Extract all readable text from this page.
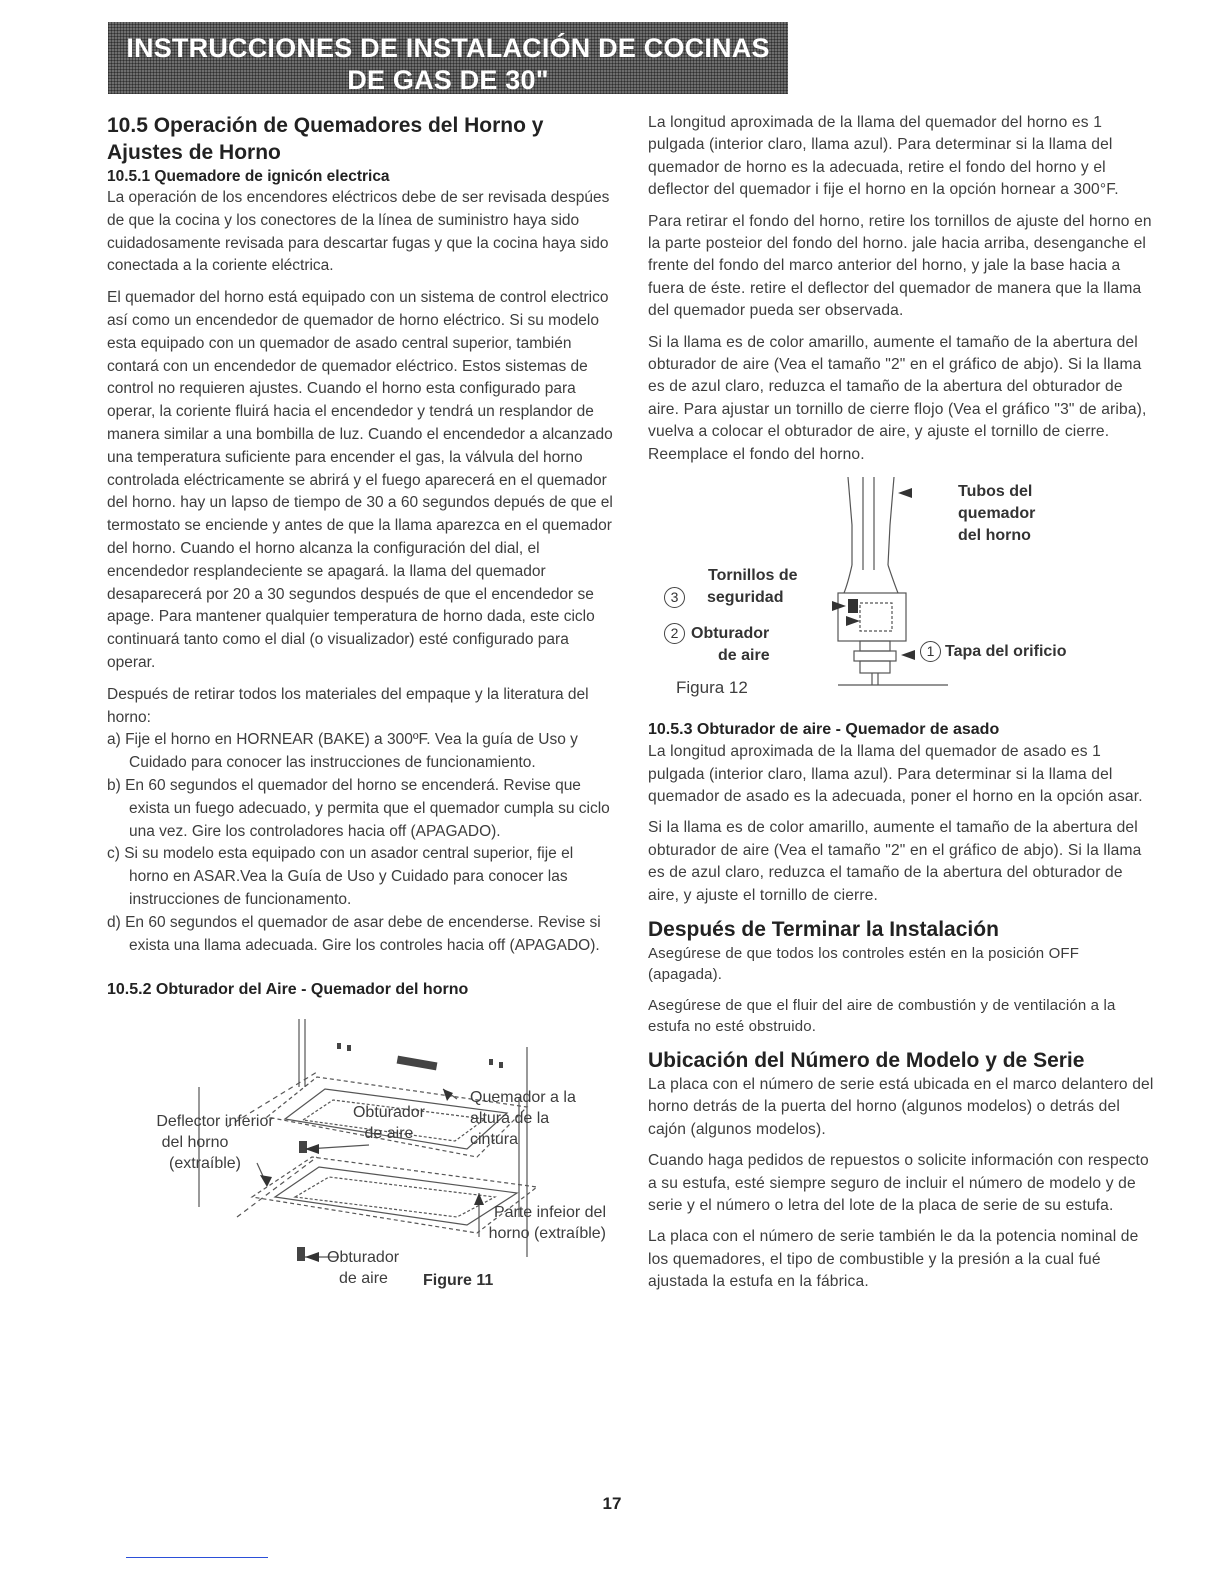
INSTRUCCIONES DE INSTALACIÓN DE COCINAS DE GAS DE 30"
(Modelos con quemadores sellados)
10.5 Operación de Quemadores del Horno y Ajustes de Horno
10.5.1 Quemadore de ignicón electrica

La operación de los encendores eléctricos debe de ser revisada despúes de que la cocina y los conectores de la línea de suministro haya sido cuidadosamente revisada para descartar fugas y que la cocina haya sido conectada a la coriente eléctrica.

El quemador del horno está equipado con un sistema de control electrico así como un encendedor de quemador de horno eléctrico. Si su modelo esta equipado con un quemador de asado central superior, también contará con un encendedor de quemador eléctrico. Estos sistemas de control no requieren ajustes. Cuando el horno esta configurado para operar, la coriente fluirá hacia el encendedor y tendrá un resplandor de manera similar a una bombilla de luz. Cuando el encendedor a alcanzado una temperatura suficiente para encender el gas, la válvula del horno controlada eléctricamente se abrirá y el fuego aparecerá en el quemador del horno. hay un lapso de tiempo de 30 a 60 segundos depués de que el termostato se enciende y antes de que la llama aparezca en el quemador del horno. Cuando el horno alcanza la configuración del dial, el encendedor resplandeciente se apagará. la llama del quemador desaparecerá por 20 a 30 segundos después de que el encendedor se apage. Para mantener qualquier temperatura de horno dada, este ciclo continuará tanto como el dial (o visualizador) esté configurado para operar.

Después de retirar todos los materiales del empaque y la literatura del horno:

a) Fije el horno en HORNEAR (BAKE) a 300ºF. Vea la guía de Uso y Cuidado para conocer las instrucciones de funcionamiento.
b) En 60 segundos el quemador del horno se encenderá. Revise que exista un fuego adecuado, y permita que el quemador cumpla su ciclo una vez. Gire los controladores hacia off (APAGADO).
c) Si su modelo esta equipado con un asador central superior, fije el horno en ASAR.Vea la Guía de Uso y Cuidado para conocer las instrucciones de funcionamento.
d) En 60 segundos el quemador de asar debe de encenderse. Revise si exista una llama adecuada. Gire los controles hacia off (APAGADO).
10.5.2 Obturador del Aire - Quemador del horno
Deflector inferior
del horno
(extraíble)
Obturador
de aire
Quemador a la
altura de la
cintura
Parte infeior del
horno (extraíble)
Obturador
de aire	Figure 11

La longitud aproximada de la llama del quemador del horno es 1 pulgada (interior claro, llama azul). Para determinar si la llama del quemador de horno es la adecuada, retire el fondo del horno y el deflector del quemador i fije el horno en la opción hornear a 300°F.

Para retirar el fondo del horno, retire los tornillos de ajuste del horno en la parte posteior del fondo del horno. jale hacia arriba, desenganche el frente del fondo del marco anterior del horno, y jale la base hacia a fuera de éste. retire el deflector del quemador de manera que la llama del quemador pueda ser observada.

Si la llama es de color amarillo, aumente el tamaño de la abertura del obturador de aire (Vea el tamaño "2" en el gráfico de abjo). Si la llama es de azul claro, reduzca el tamaño de la abertura del obturador de aire. Para ajustar un tornillo de cierre flojo (Vea el gráfico "3" de ariba), vuelva a colocar el obturador de aire, y ajuste el tornillo de cierre. Reemplace el fondo del horno.

Tubos del
quemador
del horno
Tornillos de
3 seguridad
2 Obturador
de aire	1 Tapa del orificio
Figura 12
10.5.3 Obturador de aire - Quemador de asado

La longitud aproximada de la llama del quemador de asado es 1 pulgada (interior claro, llama azul). Para determinar si la llama del quemador de asado es la adecuada, poner el horno en la opción asar.

Si la llama es de color amarillo, aumente el tamaño de la abertura del obturador de aire (Vea el tamaño "2" en el gráfico de abjo). Si la llama es de azul claro, reduzca el tamaño de la abertura del obturador de aire, y ajuste el tornillo de cierre.

Después de Terminar la Instalación

Asegúrese de que todos los controles estén en la posición OFF (apagada).

Asegúrese de que el fluir del aire de combustión y de ventilación a la estufa no esté obstruido.

Ubicación del Número de Modelo y de Serie

La placa con el número de serie está ubicada en el marco delantero del horno detrás de la puerta del horno (algunos modelos) o detrás del cajón (algunos modelos).

Cuando haga pedidos de repuestos o solicite información con respecto a su estufa, esté siempre seguro de incluir el número de modelo y de serie y el número o letra del lote de la placa de serie de su estufa.

La placa con el número de serie también le da la potencia nominal de los quemadores, el tipo de combustible y la presión a la cual fué ajustada la estufa en la fábrica.

17
